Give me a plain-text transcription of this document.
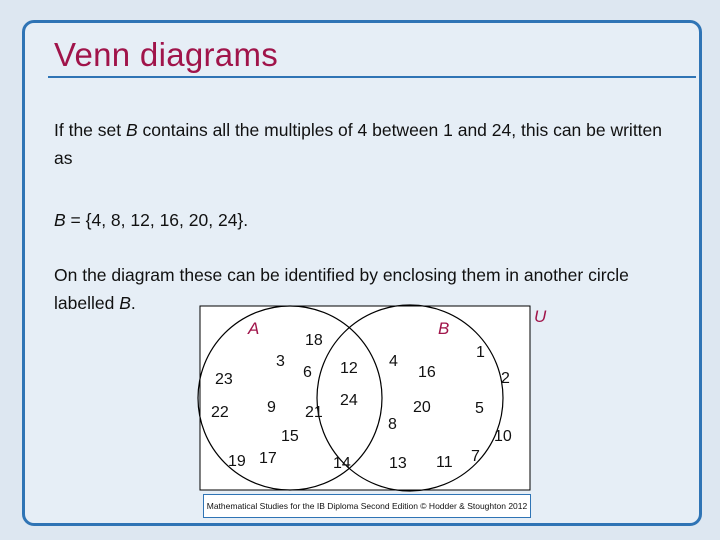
Venn diagrams
If the set B contains all the multiples of 4 between 1 and 24, this can be written as
B = {4, 8, 12, 16, 20, 24}.
On the diagram these can be identified by enclosing them in another circle labelled B.
U
A	B
18
3
6 12 4
16
1
23	2
9 21
24	20	5
22
8
15	10
19 17	14 13 11 7
Mathematical Studies for the IB Diploma Second Edition © Hodder & Stoughton 2012
